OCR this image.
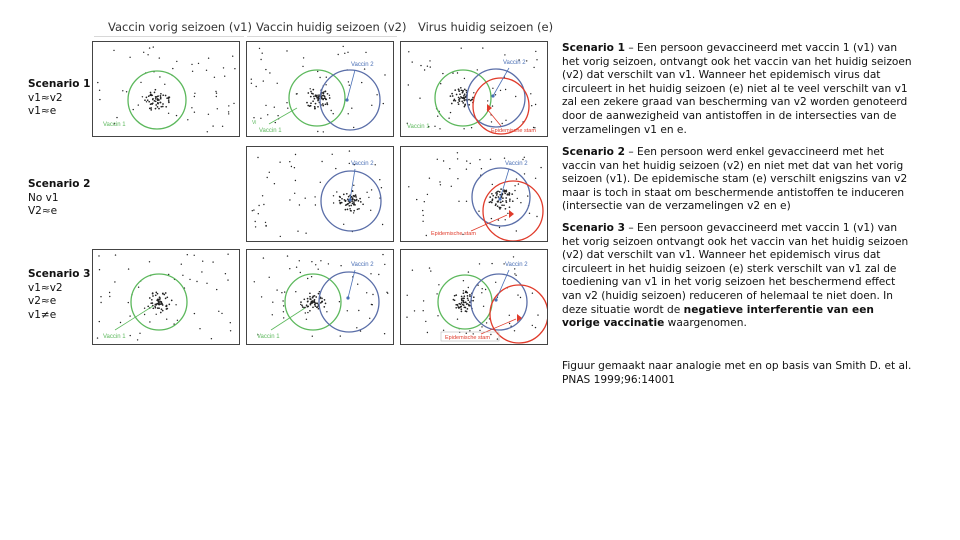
Vaccin vorig seizoen (v1) Vaccin huidig seizoen (v2) Virus huidig seizoen (e)
Scenario 1
v1≈v2
v1≈e
Scenario 2
No v1
V2≈e
Scenario 3
v1≈v2
v2≈e
v1≠e
Vaccin 1
Vaccin 2
Vaccin 1
Vi
Vaccin 2
Epidemische stam
Vaccin 1
Vaccin 2	Vaccin 2
Epidemische stam
Vaccin 1
Vaccin 2
Vaccin 1
Vaccin 2
Epidemische stam

Scenario 1 – Een persoon gevaccineerd met vaccin 1 (v1) van het vorig seizoen, ontvangt ook het vaccin van het huidig seizoen (v2) dat verschilt van v1. Wanneer het epidemisch virus dat circuleert in het huidig seizoen (e) niet al te veel verschilt van v1 zal een zekere graad van bescherming van v2 worden genoteerd door de aanwezigheid van antistoffen in de intersecties van de verzamelingen v1 en e.

Scenario 2 – Een persoon werd enkel gevaccineerd met het vaccin van het huidig seizoen (v2) en niet met dat van het vorig seizoen (v1). De epidemische stam (e) verschilt enigszins van v2 maar is toch in staat om beschermende antistoffen te induceren (intersectie van de verzamelingen v2 en e)

Scenario 3 – Een persoon gevaccineerd met vaccin 1 (v1) van het vorig seizoen ontvangt ook het vaccin van het huidig seizoen (v2) dat verschilt van v1. Wanneer het epidemisch virus dat circuleert in het huidig seizoen (e) sterk verschilt van v1 zal de toediening van v1 in het vorig seizoen het beschermend effect van v2 (huidig seizoen) reduceren of helemaal te niet doen. In deze situatie wordt de negatieve interferentie van een vorige vaccinatie waargenomen.

Figuur gemaakt naar analogie met en op basis van Smith D. et al. PNAS 1999;96:14001
